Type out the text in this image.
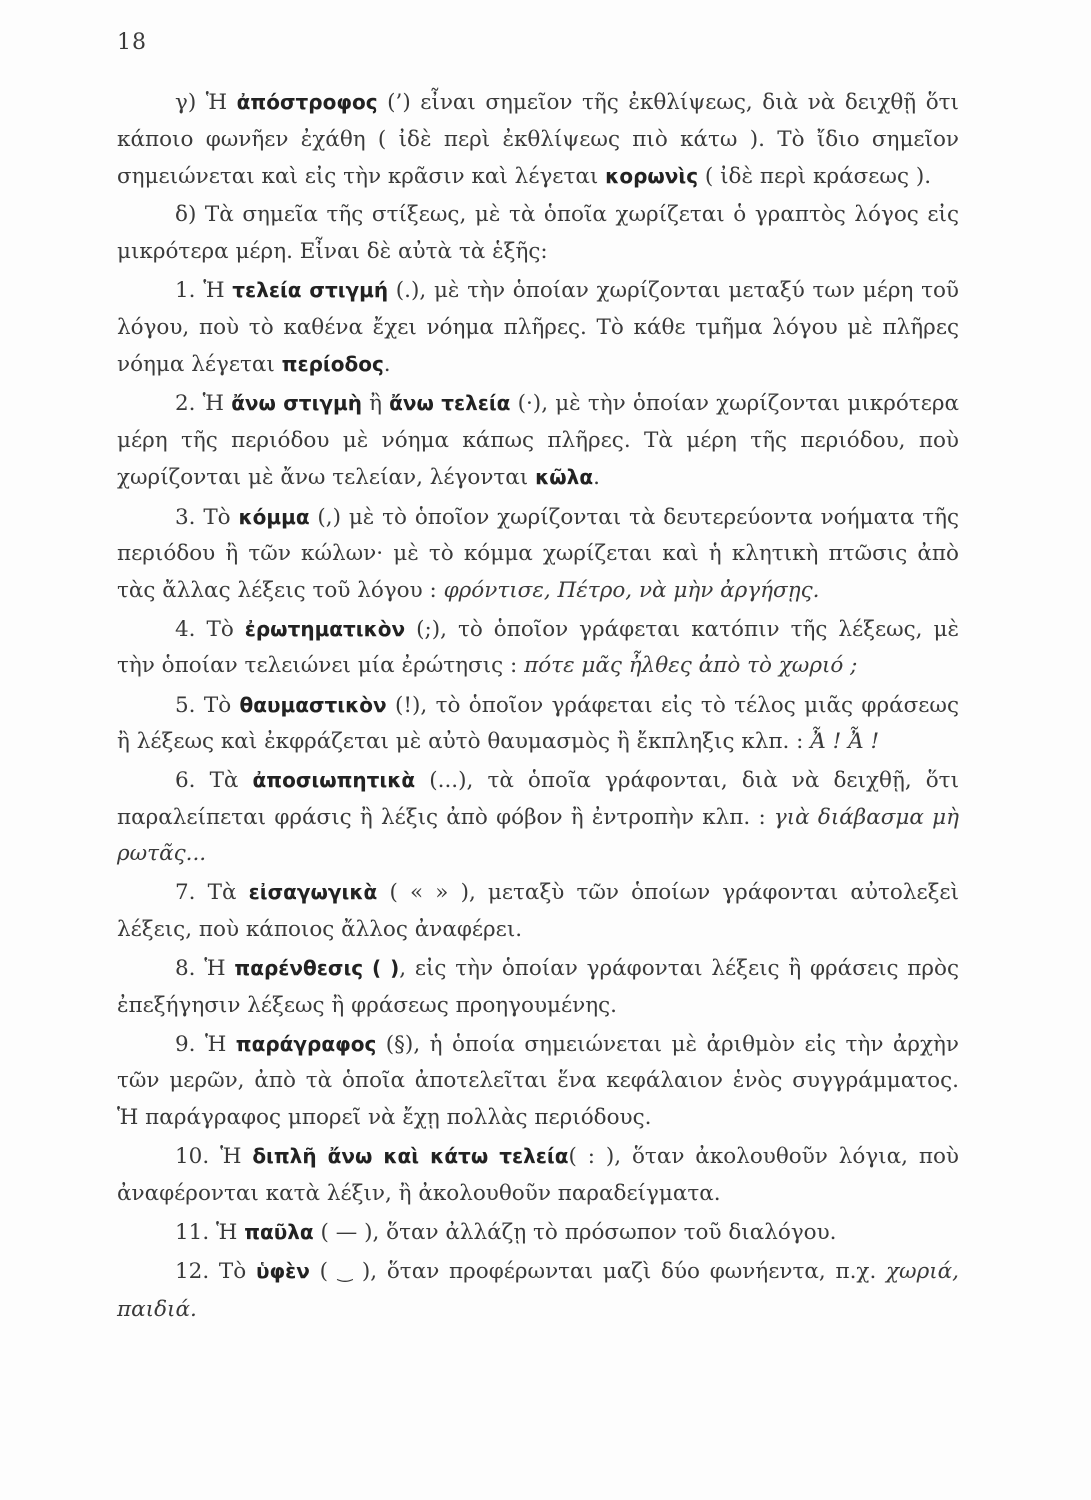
18

γ) Ἡ ἀπόστροφος (’) εἶναι σημεῖον τῆς ἐκθλίψεως, διὰ νὰ δειχθῇ ὅτι κάποιο φωνῆεν ἐχάθη ( ἰδὲ περὶ ἐκθλίψεως πιὸ κάτω ). Τὸ ἴδιο σημεῖον σημειώνεται καὶ εἰς τὴν κρᾶσιν καὶ λέγεται κορωνὶς ( ἰδὲ περὶ κράσεως ).

δ) Τὰ σημεῖα τῆς στίξεως, μὲ τὰ ὁποῖα χωρίζεται ὁ γραπτὸς λόγος εἰς μικρότερα μέρη. Εἶναι δὲ αὐτὰ τὰ ἑξῆς:

1. Ἡ τελεία στιγμή (.), μὲ τὴν ὁποίαν χωρίζονται μεταξύ των μέρη τοῦ λόγου, ποὺ τὸ καθένα ἔχει νόημα πλῆρες. Τὸ κάθε τμῆμα λόγου μὲ πλῆρες νόημα λέγεται περίοδος.

2. Ἡ ἄνω στιγμὴ ἢ ἄνω τελεία (·), μὲ τὴν ὁποίαν χωρίζονται μικρότερα μέρη τῆς περιόδου μὲ νόημα κάπως πλῆρες. Τὰ μέρη τῆς περιόδου, ποὺ χωρίζονται μὲ ἄνω τελείαν, λέγονται κῶλα.

3. Τὸ κόμμα (,) μὲ τὸ ὁποῖον χωρίζονται τὰ δευτερεύοντα νοήματα τῆς περιόδου ἢ τῶν κώλων· μὲ τὸ κόμμα χωρίζεται καὶ ἡ κλητικὴ πτῶσις ἀπὸ τὰς ἄλλας λέξεις τοῦ λόγου : φρόντισε, Πέτρο, νὰ μὴν ἀργήσῃς.

4. Τὸ ἐρωτηματικὸν (;), τὸ ὁποῖον γράφεται κατόπιν τῆς λέξεως, μὲ τὴν ὁποίαν τελειώνει μία ἐρώτησις : πότε μᾶς ἦλθες ἀπὸ τὸ χωριό ;

5. Τὸ θαυμαστικὸν (!), τὸ ὁποῖον γράφεται εἰς τὸ τέλος μιᾶς φράσεως ἢ λέξεως καὶ ἐκφράζεται μὲ αὐτὸ θαυμασμὸς ἢ ἔκπληξις κλπ. : Ἆ ! Ἆ !

6. Τὰ ἀποσιωπητικὰ (...), τὰ ὁποῖα γράφονται, διὰ νὰ δειχθῇ, ὅτι παραλείπεται φράσις ἢ λέξις ἀπὸ φόβον ἢ ἐντροπὴν κλπ. : γιὰ διάβασμα μὴ ρωτᾶς...

7. Τὰ εἰσαγωγικὰ ( « » ), μεταξὺ τῶν ὁποίων γράφονται αὐτολεξεὶ λέξεις, ποὺ κάποιος ἄλλος ἀναφέρει.

8. Ἡ παρένθεσις ( ), εἰς τὴν ὁποίαν γράφονται λέξεις ἢ φράσεις πρὸς ἐπεξήγησιν λέξεως ἢ φράσεως προηγουμένης.

9. Ἡ παράγραφος (§), ἡ ὁποία σημειώνεται μὲ ἀριθμὸν εἰς τὴν ἀρχὴν τῶν μερῶν, ἀπὸ τὰ ὁποῖα ἀποτελεῖται ἕνα κεφάλαιον ἑνὸς συγγράμματος. Ἡ παράγραφος μπορεῖ νὰ ἔχῃ πολλὰς περιόδους.

10. Ἡ διπλῆ ἄνω καὶ κάτω τελεία( : ), ὅταν ἀκολουθοῦν λόγια, ποὺ ἀναφέρονται κατὰ λέξιν, ἢ ἀκολουθοῦν παραδείγματα.

11. Ἡ παῦλα ( — ), ὅταν ἀλλάζῃ τὸ πρόσωπον τοῦ διαλόγου.

12. Τὸ ὑφὲν ( ‿ ), ὅταν προφέρωνται μαζὶ δύο φωνήεντα, π.χ. χωριά, παιδιά.
